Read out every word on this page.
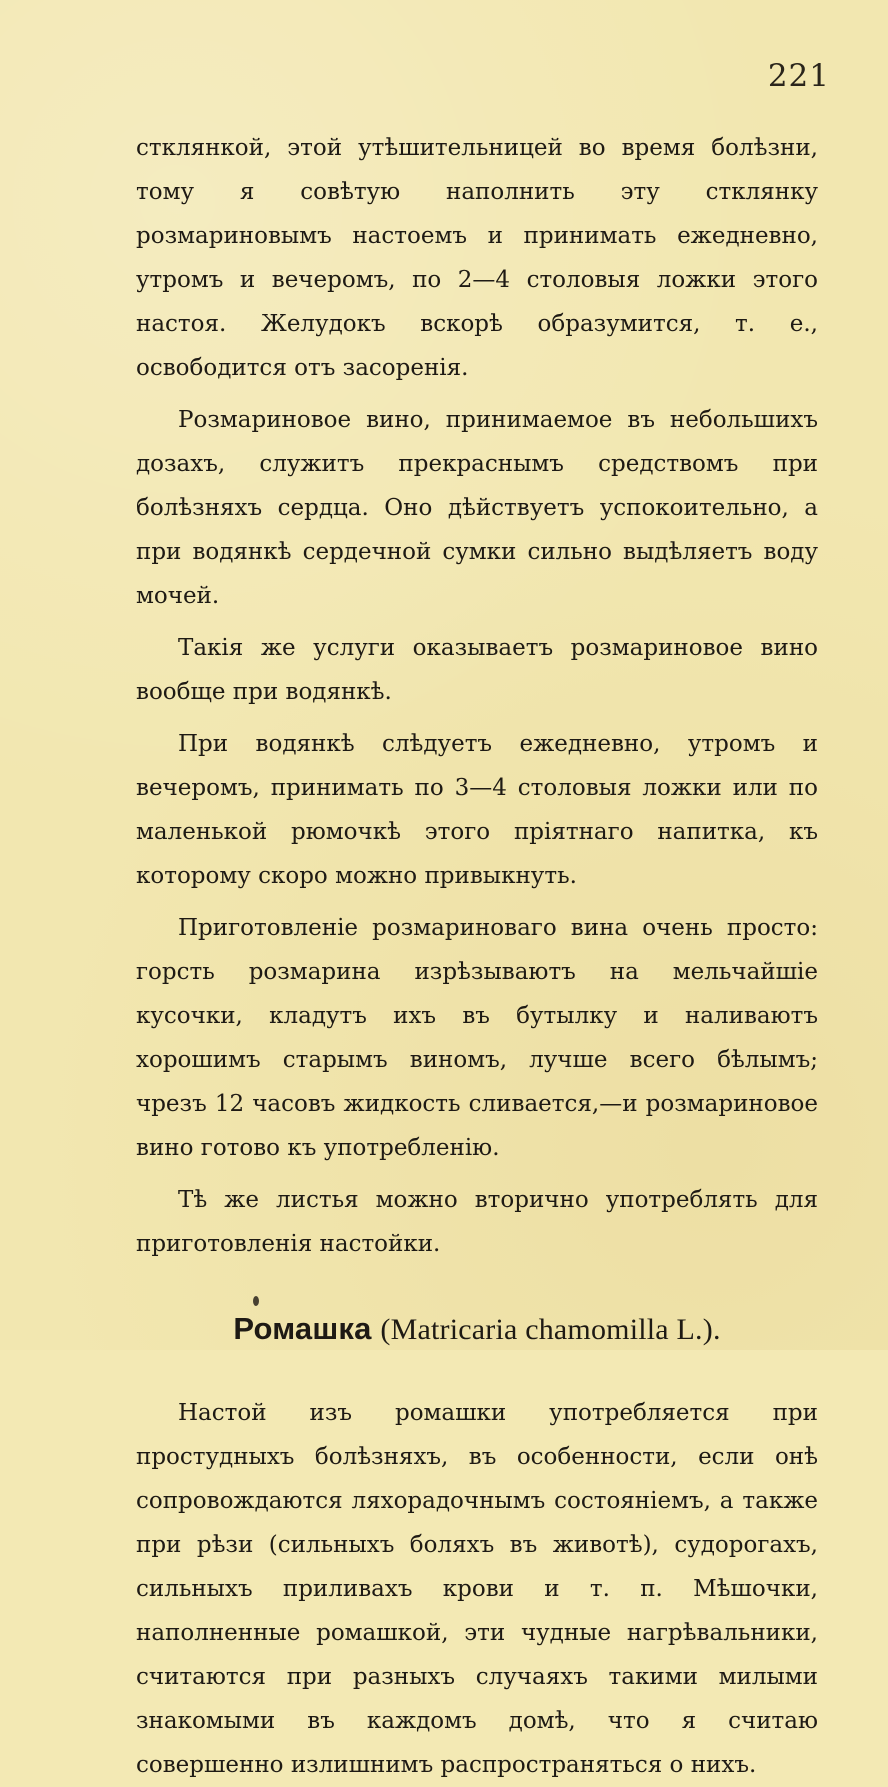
221

стклянкой, этой утѣшительницей во время болѣзни, тому я совѣтую наполнить эту стклянку розмариновымъ настоемъ и принимать ежедневно, утромъ и вечеромъ, по 2—4 столовыя ложки этого настоя. Желудокъ вскорѣ образумится, т. е., освободится отъ засоренія.

Розмариновое вино, принимаемое въ небольшихъ дозахъ, служитъ прекраснымъ средствомъ при болѣзняхъ сердца. Оно дѣйствуетъ успокоительно, а при водянкѣ сердечной сумки сильно выдѣляетъ воду мочей.

Такія же услуги оказываетъ розмариновое вино вообще при водянкѣ.

При водянкѣ слѣдуетъ ежедневно, утромъ и вечеромъ, принимать по 3—4 столовыя ложки или по маленькой рюмочкѣ этого пріятнаго напитка, къ которому скоро можно привыкнуть.

Приготовленіе розмариноваго вина очень просто: горсть розмарина изрѣзываютъ на мельчайшіе кусочки, кладутъ ихъ въ бутылку и наливаютъ хорошимъ старымъ виномъ, лучше всего бѣлымъ; чрезъ 12 часовъ жидкость сливается,—и розмариновое вино готово къ употребленію.

Тѣ же листья можно вторично употреблять для приготовленія настойки.

Ромашка (Matricaria chamomilla L.).

Настой изъ ромашки употребляется при простудныхъ болѣзняхъ, въ особенности, если онѣ сопровождаются ляхорадочнымъ состояніемъ, а также при рѣзи (сильныхъ боляхъ въ животѣ), судорогахъ, сильныхъ приливахъ крови и т. п. Мѣшочки, наполненные ромашкой, эти чудные нагрѣвальники, считаются при разныхъ случаяхъ такими милыми знакомыми въ каждомъ домѣ, что я считаю совершенно излишнимъ распространяться о нихъ.
